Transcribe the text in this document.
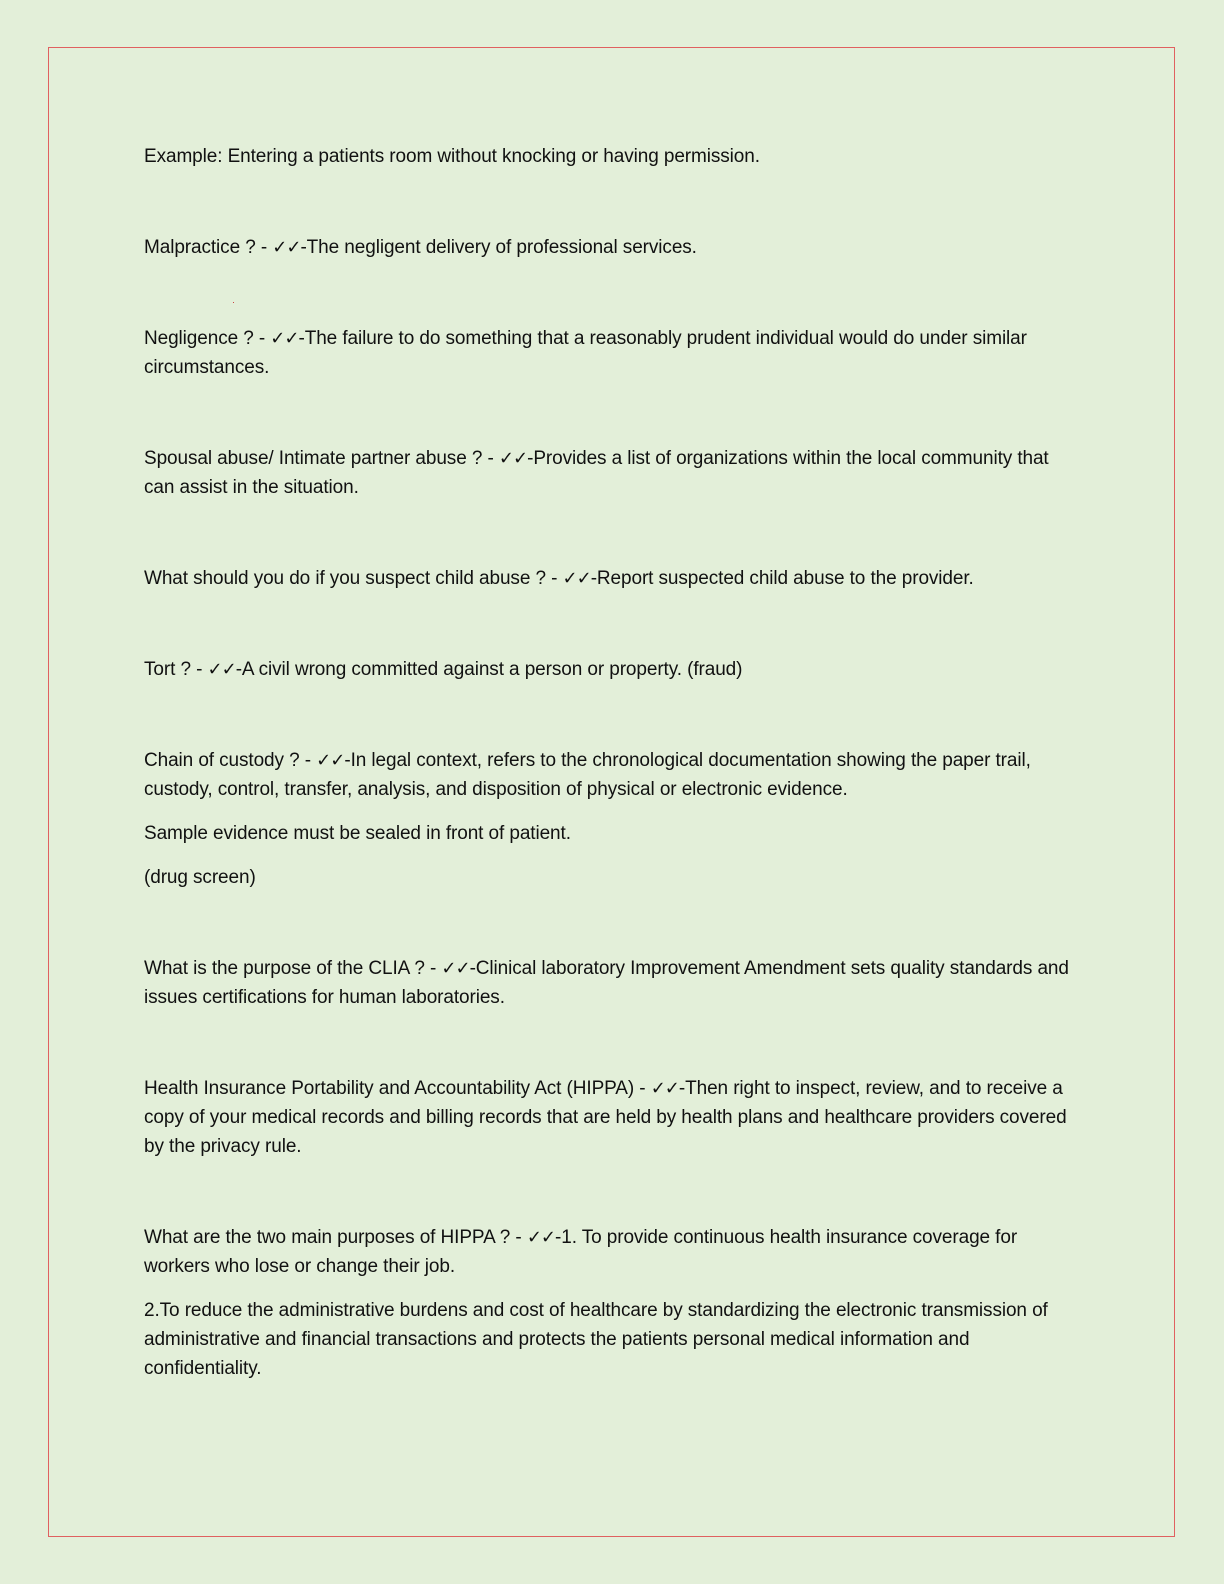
Example: Entering a patients room without knocking or having permission.

Malpractice ? - ✓✓-The negligent delivery of professional services.

Negligence ? - ✓✓-The failure to do something that a reasonably prudent individual would do under similar circumstances.

Spousal abuse/ Intimate partner abuse ? - ✓✓-Provides a list of organizations within the local community that can assist in the situation.

What should you do if you suspect child abuse ? - ✓✓-Report suspected child abuse to the provider.

Tort ? - ✓✓-A civil wrong committed against a person or property. (fraud)

Chain of custody ? - ✓✓-In legal context, refers to the chronological documentation showing the paper trail, custody, control, transfer, analysis, and disposition of physical or electronic evidence.

Sample evidence must be sealed in front of patient.

(drug screen)

What is the purpose of the CLIA ? - ✓✓-Clinical laboratory Improvement Amendment sets quality standards and issues certifications for human laboratories.

Health Insurance Portability and Accountability Act (HIPPA) - ✓✓-Then right to inspect, review, and to receive a copy of your medical records and billing records that are held by health plans and healthcare providers covered by the privacy rule.

What are the two main purposes of HIPPA ? - ✓✓-1. To provide continuous health insurance coverage for workers who lose or change their job.

2.To reduce the administrative burdens and cost of healthcare by standardizing the electronic transmission of administrative and financial transactions and protects the patients personal medical information and confidentiality.
